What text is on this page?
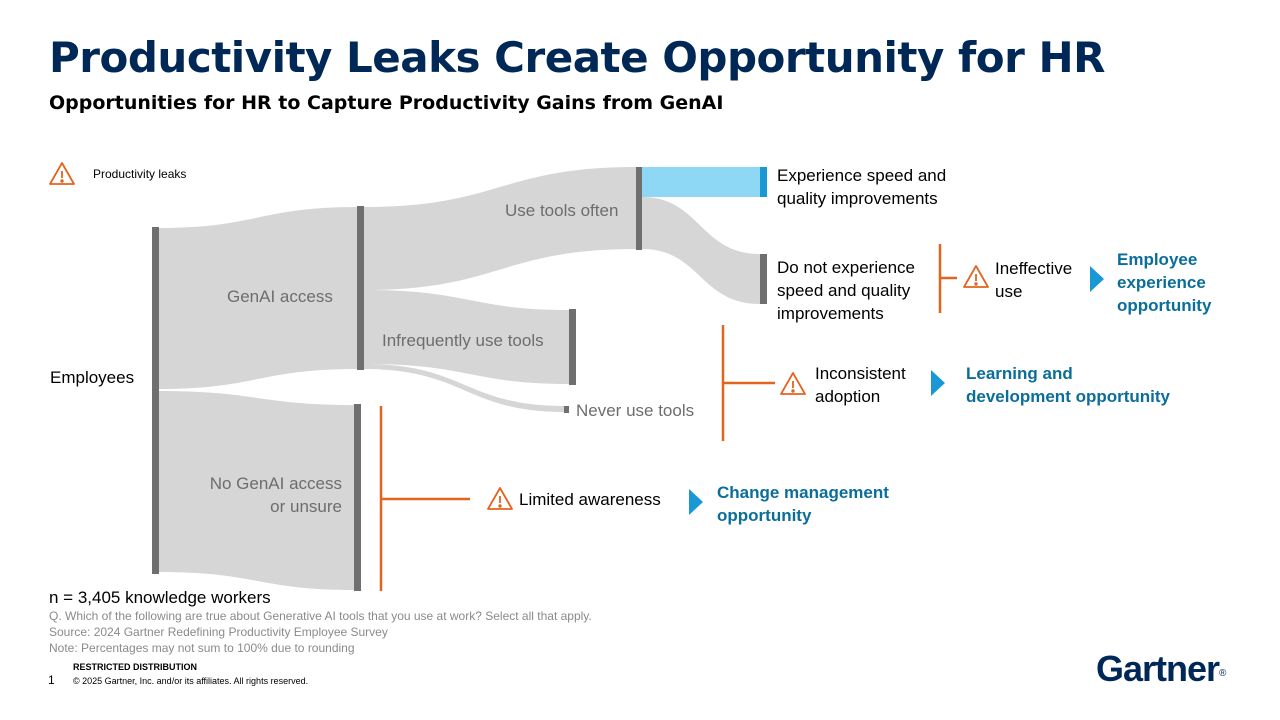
Productivity Leaks Create Opportunity for HR
Opportunities for HR to Capture Productivity Gains from GenAI
Productivity leaks
Employees
GenAI access
No GenAI access
or unsure
Use tools often
Infrequently use tools
Never use tools
Experience speed and
quality improvements
Do not experience
speed and quality
improvements
Ineffective
use
Inconsistent
adoption
Limited awareness
Employee
experience
opportunity
Learning and
development opportunity
Change management
opportunity
n = 3,405 knowledge workers
Q. Which of the following are true about Generative AI tools that you use at work? Select all that apply.
Source: 2024 Gartner Redefining Productivity Employee Survey
Note: Percentages may not sum to 100% due to rounding
RESTRICTED DISTRIBUTION
1 © 2025 Gartner, Inc. and/or its affiliates. All rights reserved.	Gartner®
